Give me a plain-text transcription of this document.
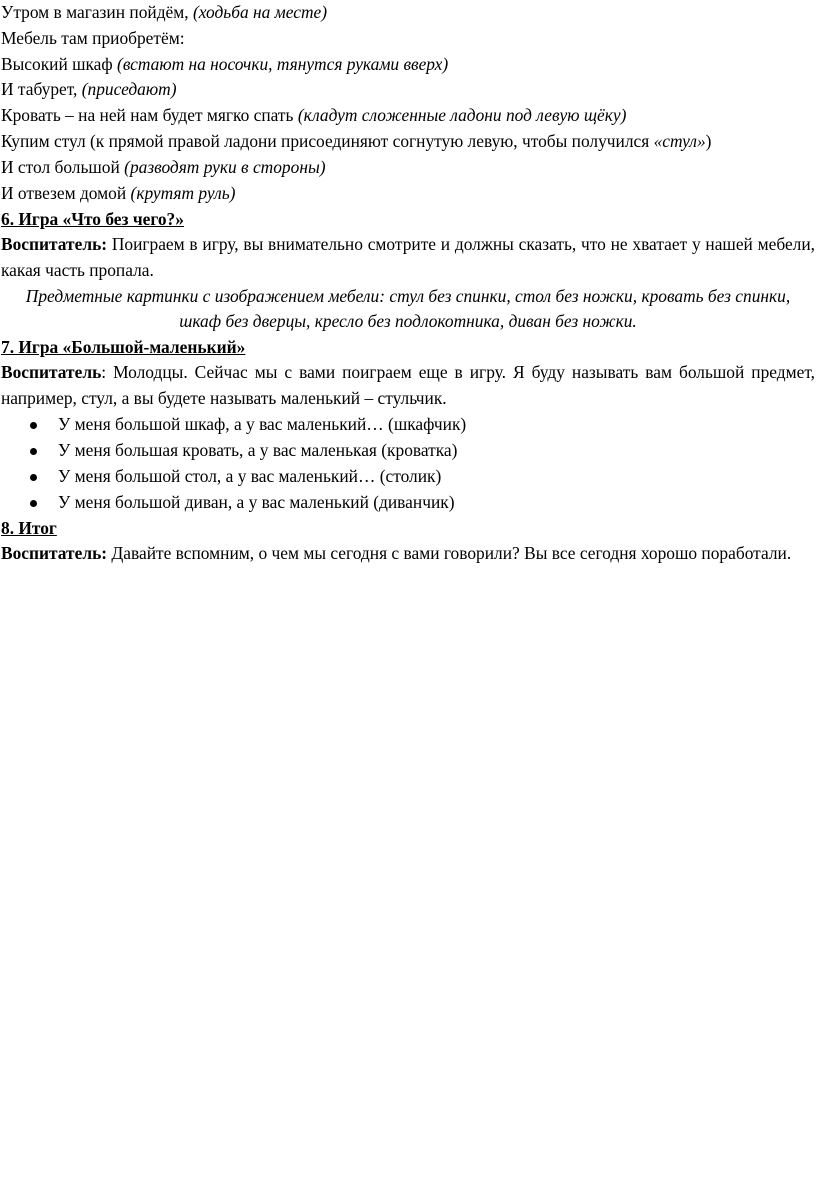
Утром в магазин пойдём, (ходьба на месте)
Мебель там приобретём:
Высокий шкаф (встают на носочки, тянутся руками вверх)
И табурет, (приседают)
Кровать – на ней нам будет мягко спать (кладут сложенные ладони под левую щёку)
Купим стул (к прямой правой ладони присоединяют согнутую левую, чтобы получился «стул»)
И стол большой (разводят руки в стороны)
И отвезем домой (крутят руль)
6. Игра «Что без чего?»
Воспитатель: Поиграем в игру, вы внимательно смотрите и должны сказать, что не хватает у нашей мебели, какая часть пропала.
Предметные картинки с изображением мебели: стул без спинки, стол без ножки, кровать без спинки, шкаф без дверцы, кресло без подлокотника, диван без ножки.
7. Игра «Большой-маленький»
Воспитатель: Молодцы. Сейчас мы с вами поиграем еще в игру. Я буду называть вам большой предмет, например, стул, а вы будете называть маленький – стульчик.
У меня большой шкаф, а у вас маленький… (шкафчик)
У меня большая кровать, а у вас маленькая (кроватка)
У меня большой стол, а у вас маленький… (столик)
У меня большой диван, а у вас маленький (диванчик)
8. Итог
Воспитатель: Давайте вспомним, о чем мы сегодня с вами говорили? Вы все сегодня хорошо поработали.
